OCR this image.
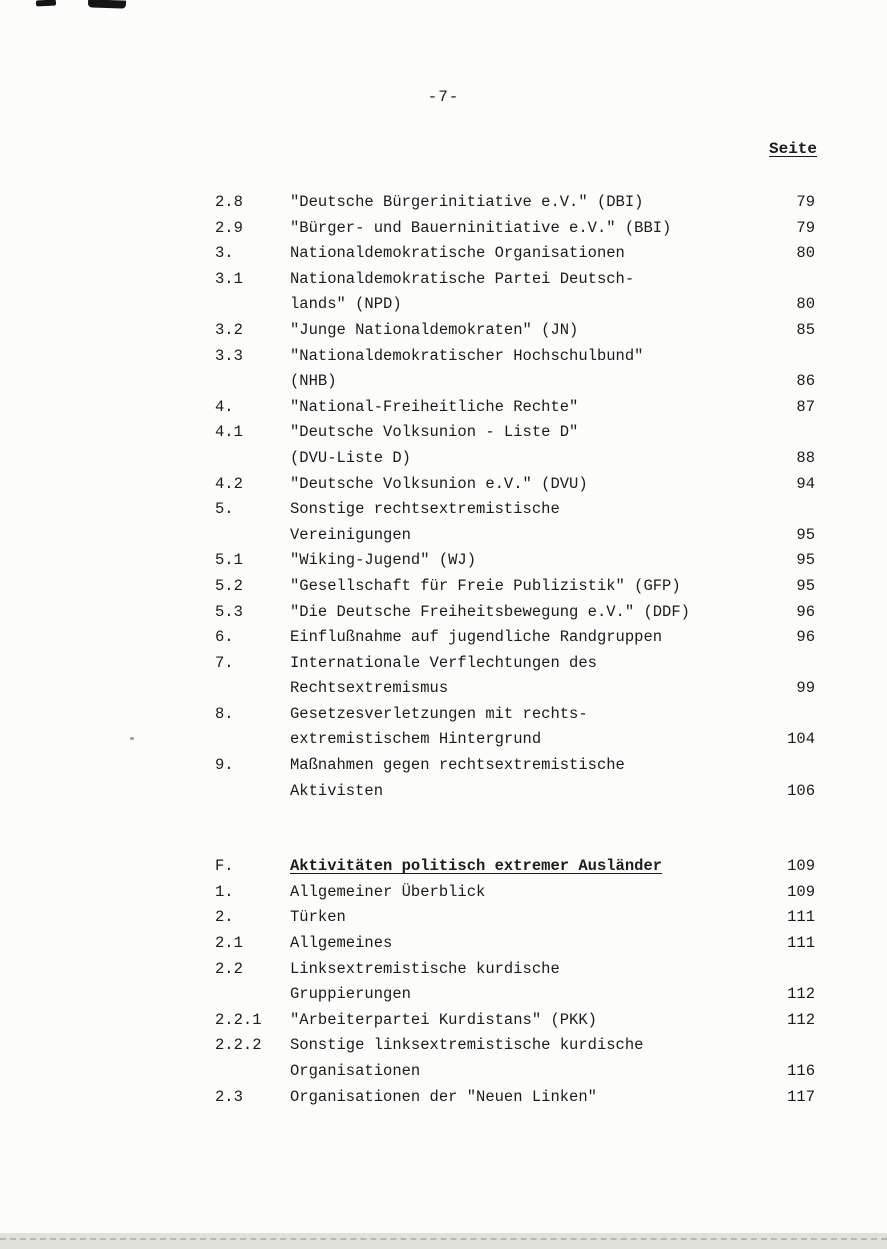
-7-
Seite
2.8	"Deutsche Bürgerinitiative e.V." (DBI)	79
2.9	"Bürger- und Bauerninitiative e.V." (BBI)	79
3.	Nationaldemokratische Organisationen	80
3.1	Nationaldemokratische Partei Deutsch-
lands" (NPD)	80
3.2	"Junge Nationaldemokraten" (JN)	85
3.3	"Nationaldemokratischer Hochschulbund"
(NHB)	86
4.	"National-Freiheitliche Rechte"	87
4.1	"Deutsche Volksunion - Liste D"
(DVU-Liste D)	88
4.2	"Deutsche Volksunion e.V." (DVU)	94
5.	Sonstige rechtsextremistische
Vereinigungen	95
5.1	"Wiking-Jugend" (WJ)	95
5.2	"Gesellschaft für Freie Publizistik" (GFP)	95
5.3	"Die Deutsche Freiheitsbewegung e.V." (DDF)	96
6.	Einflußnahme auf jugendliche Randgruppen	96
7.	Internationale Verflechtungen des
Rechtsextremismus	99
8.	Gesetzesverletzungen mit rechts-
extremistischem Hintergrund	104
9.	Maßnahmen gegen rechtsextremistische
Aktivisten	106
F.	Aktivitäten politisch extremer Ausländer	109
1.	Allgemeiner Überblick	109
2.	Türken	111
2.1	Allgemeines	111
2.2	Linksextremistische kurdische
Gruppierungen	112
2.2.1	"Arbeiterpartei Kurdistans" (PKK)	112
2.2.2	Sonstige linksextremistische kurdische
Organisationen	116
2.3	Organisationen der "Neuen Linken"	117
